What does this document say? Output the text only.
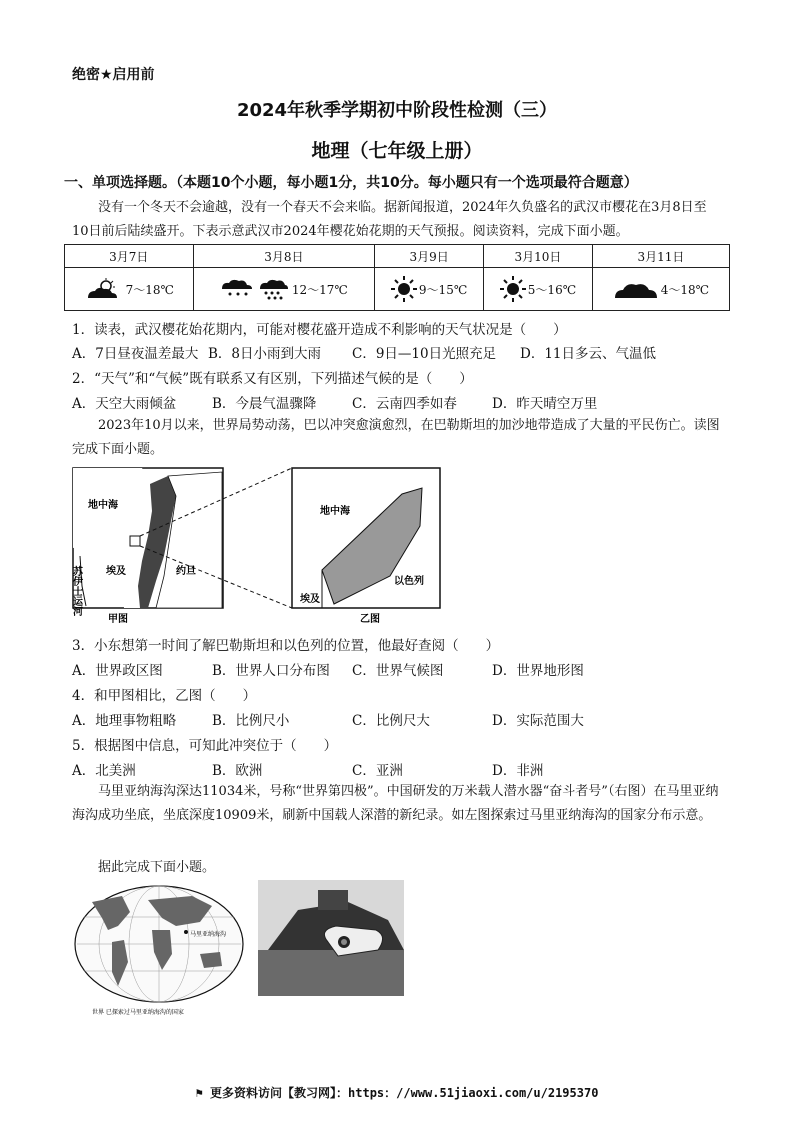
绝密★启用前
2024年秋季学期初中阶段性检测（三）
地理（七年级上册）
一、单项选择题。（本题10个小题，每小题1分，共10分。每小题只有一个选项最符合题意）
没有一个冬天不会逾越，没有一个春天不会来临。据新闻报道，2024年久负盛名的武汉市樱花在3月8日至10日前后陆续盛开。下表示意武汉市2024年樱花始花期的天气预报。阅读资料，完成下面小题。
3月7日	3月8日	3月9日	3月10日	3月11日

7～18℃	12～17℃	9～15℃	5～16℃	4～18℃
1．读表，武汉樱花始花期内，可能对樱花盛开造成不利影响的天气状况是（　　）
A．7日昼夜温差最大 B．8日小雨到大雨 C．9日—10日光照充足 D．11日多云、气温低
2．“天气”和“气候”既有联系又有区别，下列描述气候的是（　　）
A．天空大雨倾盆	B．今晨气温骤降	C．云南四季如春	D．昨天晴空万里
2023年10月以来，世界局势动荡，巴以冲突愈演愈烈，在巴勒斯坦的加沙地带造成了大量的平民伤亡。读图完成下面小题。
地中海
埃及	约旦
苏伊士运河
甲图
地中海
埃及
以色列
乙图
3．小东想第一时间了解巴勒斯坦和以色列的位置，他最好查阅（　　）
A．世界政区图	B．世界人口分布图 C．世界气候图	D．世界地形图
4．和甲图相比，乙图（　　）
A．地理事物粗略	B．比例尺小	C．比例尺大	D．实际范围大
5．根据图中信息，可知此冲突位于（　　）
A．北美洲	B．欧洲	C．亚洲	D．非洲
马里亚纳海沟深达11034米，号称“世界第四极”。中国研发的万米载人潜水器“奋斗者号”（右图）在马里亚纳海沟成功坐底，坐底深度10909米，刷新中国载人深潜的新纪录。如左图探索过马里亚纳海沟的国家分布示意。
据此完成下面小题。
马里亚纳海沟
世界 已探索过马里亚纳海沟的国家
⚑ 更多资料访问【教习网】：https：//www.51jiaoxi.com/u/2195370
